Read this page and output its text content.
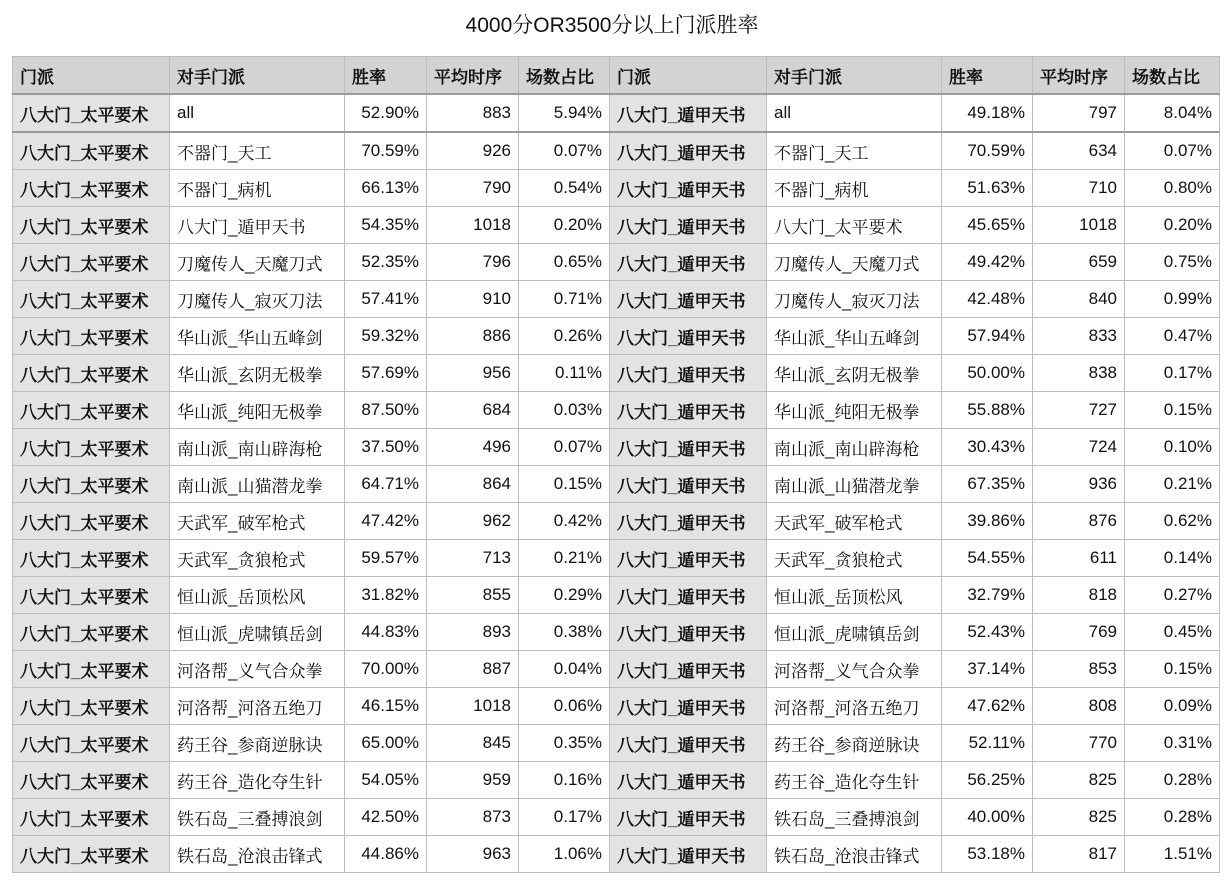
4000分OR3500分以上门派胜率
门派	对手门派	胜率	平均时序	场数占比	门派	对手门派	胜率	平均时序	场数占比
八大门_太平要术	all	52.90%	883	5.94%	八大门_遁甲天书	all	49.18%	797	8.04%
八大门_太平要术	不器门_天工	70.59%	926	0.07%	八大门_遁甲天书	不器门_天工	70.59%	634	0.07%
八大门_太平要术	不器门_病机	66.13%	790	0.54%	八大门_遁甲天书	不器门_病机	51.63%	710	0.80%
八大门_太平要术	八大门_遁甲天书	54.35%	1018	0.20%	八大门_遁甲天书	八大门_太平要术	45.65%	1018	0.20%
八大门_太平要术	刀魔传人_天魔刀式	52.35%	796	0.65%	八大门_遁甲天书	刀魔传人_天魔刀式	49.42%	659	0.75%
八大门_太平要术	刀魔传人_寂灭刀法	57.41%	910	0.71%	八大门_遁甲天书	刀魔传人_寂灭刀法	42.48%	840	0.99%
八大门_太平要术	华山派_华山五峰剑	59.32%	886	0.26%	八大门_遁甲天书	华山派_华山五峰剑	57.94%	833	0.47%
八大门_太平要术	华山派_玄阴无极拳	57.69%	956	0.11%	八大门_遁甲天书	华山派_玄阴无极拳	50.00%	838	0.17%
八大门_太平要术	华山派_纯阳无极拳	87.50%	684	0.03%	八大门_遁甲天书	华山派_纯阳无极拳	55.88%	727	0.15%
八大门_太平要术	南山派_南山辟海枪	37.50%	496	0.07%	八大门_遁甲天书	南山派_南山辟海枪	30.43%	724	0.10%
八大门_太平要术	南山派_山猫潜龙拳	64.71%	864	0.15%	八大门_遁甲天书	南山派_山猫潜龙拳	67.35%	936	0.21%
八大门_太平要术	天武军_破军枪式	47.42%	962	0.42%	八大门_遁甲天书	天武军_破军枪式	39.86%	876	0.62%
八大门_太平要术	天武军_贪狼枪式	59.57%	713	0.21%	八大门_遁甲天书	天武军_贪狼枪式	54.55%	611	0.14%
八大门_太平要术	恒山派_岳顶松风	31.82%	855	0.29%	八大门_遁甲天书	恒山派_岳顶松风	32.79%	818	0.27%
八大门_太平要术	恒山派_虎啸镇岳剑	44.83%	893	0.38%	八大门_遁甲天书	恒山派_虎啸镇岳剑	52.43%	769	0.45%
八大门_太平要术	河洛帮_义气合众拳	70.00%	887	0.04%	八大门_遁甲天书	河洛帮_义气合众拳	37.14%	853	0.15%
八大门_太平要术	河洛帮_河洛五绝刀	46.15%	1018	0.06%	八大门_遁甲天书	河洛帮_河洛五绝刀	47.62%	808	0.09%
八大门_太平要术	药王谷_参商逆脉诀	65.00%	845	0.35%	八大门_遁甲天书	药王谷_参商逆脉诀	52.11%	770	0.31%
八大门_太平要术	药王谷_造化夺生针	54.05%	959	0.16%	八大门_遁甲天书	药王谷_造化夺生针	56.25%	825	0.28%
八大门_太平要术	铁石岛_三叠搏浪剑	42.50%	873	0.17%	八大门_遁甲天书	铁石岛_三叠搏浪剑	40.00%	825	0.28%
八大门_太平要术	铁石岛_沧浪击锋式	44.86%	963	1.06%	八大门_遁甲天书	铁石岛_沧浪击锋式	53.18%	817	1.51%
